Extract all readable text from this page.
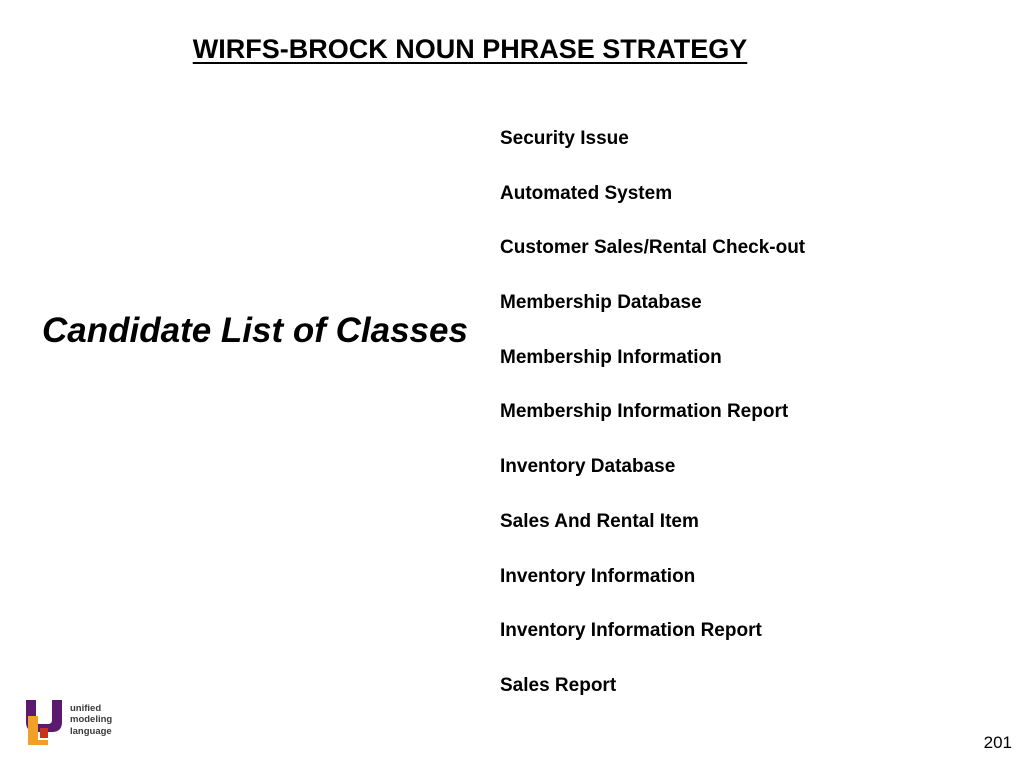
WIRFS-BROCK NOUN PHRASE STRATEGY
Candidate List of Classes
Security Issue
Automated System
Customer Sales/Rental Check-out
Membership Database
Membership Information
Membership Information Report
Inventory Database
Sales And Rental Item
Inventory Information
Inventory Information Report
Sales Report
unified
modeling
language
201
